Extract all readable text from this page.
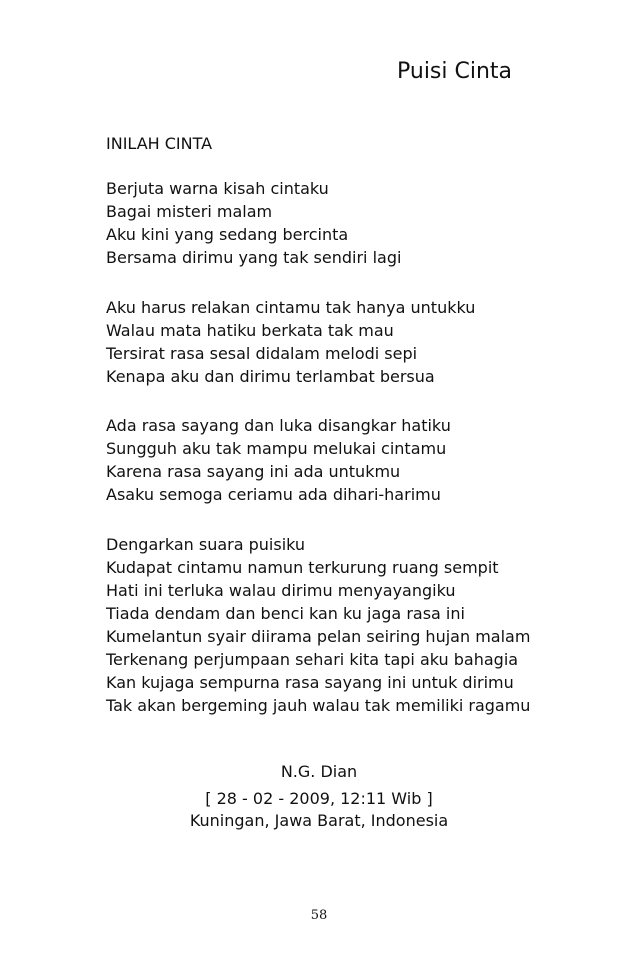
Puisi Cinta
INILAH CINTA
Berjuta warna kisah cintaku
Bagai misteri malam
Aku kini yang sedang bercinta
Bersama dirimu yang tak sendiri lagi
Aku harus relakan cintamu tak hanya untukku
Walau mata hatiku berkata tak mau
Tersirat rasa sesal didalam melodi sepi
Kenapa aku dan dirimu terlambat bersua
Ada rasa sayang dan luka disangkar hatiku
Sungguh aku tak mampu melukai cintamu
Karena rasa sayang ini ada untukmu
Asaku semoga ceriamu ada dihari-harimu
Dengarkan suara puisiku
Kudapat cintamu namun terkurung ruang sempit
Hati ini terluka walau dirimu menyayangiku
Tiada dendam dan benci kan ku jaga rasa ini
Kumelantun syair diirama pelan seiring hujan malam
Terkenang perjumpaan sehari kita tapi aku bahagia
Kan kujaga sempurna rasa sayang ini untuk dirimu
Tak akan bergeming jauh walau tak memiliki ragamu
N.G. Dian
[ 28 - 02 - 2009, 12:11 Wib ]
Kuningan, Jawa Barat, Indonesia
58
